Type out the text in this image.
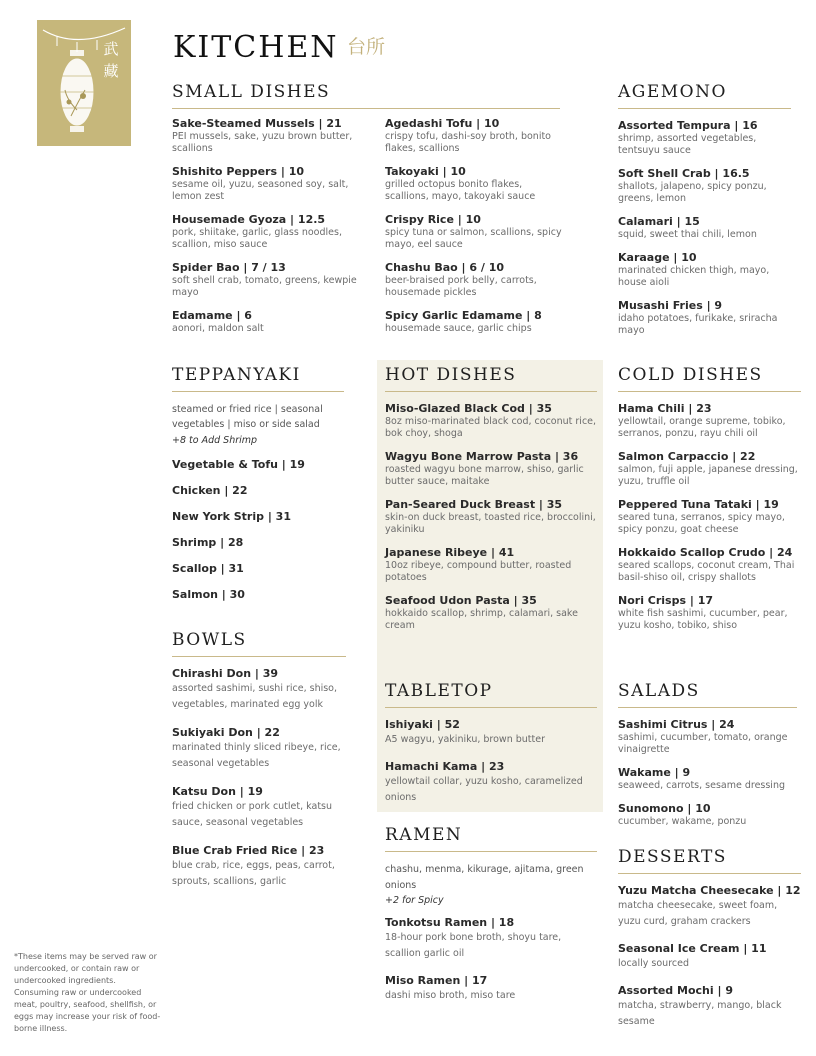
武
藏
KITCHEN 台所
SMALL DISHES
Sake-Steamed Mussels | 21
PEI mussels, sake, yuzu brown butter, scallions
Shishito Peppers | 10
sesame oil, yuzu, seasoned soy, salt, lemon zest
Housemade Gyoza | 12.5
pork, shiitake, garlic, glass noodles, scallion, miso sauce
Spider Bao | 7 / 13
soft shell crab, tomato, greens, kewpie mayo
Edamame | 6
aonori, maldon salt
Agedashi Tofu | 10
crispy tofu, dashi-soy broth, bonito flakes, scallions
Takoyaki | 10
grilled octopus bonito flakes, scallions, mayo, takoyaki sauce
Crispy Rice | 10
spicy tuna or salmon, scallions, spicy mayo, eel sauce
Chashu Bao | 6 / 10
beer-braised pork belly, carrots, housemade pickles
Spicy Garlic Edamame | 8
housemade sauce, garlic chips
AGEMONO
Assorted Tempura | 16
shrimp, assorted vegetables, tentsuyu sauce
Soft Shell Crab | 16.5
shallots, jalapeno, spicy ponzu, greens, lemon
Calamari | 15
squid, sweet thai chili, lemon
Karaage | 10
marinated chicken thigh, mayo, house aioli
Musashi Fries | 9
idaho potatoes, furikake, sriracha mayo
TEPPANYAKI
steamed or fried rice | seasonal vegetables | miso or side salad
+8 to Add Shrimp
Vegetable & Tofu | 19
Chicken | 22
New York Strip | 31
Shrimp | 28
Scallop | 31
Salmon | 30
HOT DISHES
Miso-Glazed Black Cod | 35
8oz miso-marinated black cod, coconut rice, bok choy, shoga
Wagyu Bone Marrow Pasta | 36
roasted wagyu bone marrow, shiso, garlic butter sauce, maitake
Pan-Seared Duck Breast | 35
skin-on duck breast, toasted rice, broccolini, yakiniku
Japanese Ribeye | 41
10oz ribeye, compound butter, roasted potatoes
Seafood Udon Pasta | 35
hokkaido scallop, shrimp, calamari, sake cream
COLD DISHES
Hama Chili | 23
yellowtail, orange supreme, tobiko, serranos, ponzu, rayu chili oil
Salmon Carpaccio | 22
salmon, fuji apple, japanese dressing, yuzu, truffle oil
Peppered Tuna Tataki | 19
seared tuna, serranos, spicy mayo, spicy ponzu, goat cheese
Hokkaido Scallop Crudo | 24
seared scallops, coconut cream, Thai basil-shiso oil, crispy shallots
Nori Crisps | 17
white fish sashimi, cucumber, pear, yuzu kosho, tobiko, shiso
BOWLS
Chirashi Don | 39
assorted sashimi, sushi rice, shiso, vegetables, marinated egg yolk
Sukiyaki Don | 22
marinated thinly sliced ribeye, rice, seasonal vegetables
Katsu Don | 19
fried chicken or pork cutlet, katsu sauce, seasonal vegetables
Blue Crab Fried Rice | 23
blue crab, rice, eggs, peas, carrot, sprouts, scallions, garlic
TABLETOP
Ishiyaki | 52
A5 wagyu, yakiniku, brown butter
Hamachi Kama | 23
yellowtail collar, yuzu kosho, caramelized onions
SALADS
Sashimi Citrus | 24
sashimi, cucumber, tomato, orange vinaigrette
Wakame | 9
seaweed, carrots, sesame dressing
Sunomono | 10
cucumber, wakame, ponzu
RAMEN
chashu, menma, kikurage, ajitama, green onions
+2 for Spicy
Tonkotsu Ramen | 18
18-hour pork bone broth, shoyu tare, scallion garlic oil
Miso Ramen | 17
dashi miso broth, miso tare
DESSERTS
Yuzu Matcha Cheesecake | 12
matcha cheesecake, sweet foam, yuzu curd, graham crackers
Seasonal Ice Cream | 11
locally sourced
Assorted Mochi | 9
matcha, strawberry, mango, black sesame
*These items may be served raw or undercooked, or contain raw or undercooked ingredients. Consuming raw or undercooked meat, poultry, seafood, shellfish, or eggs may increase your risk of food-borne illness.
